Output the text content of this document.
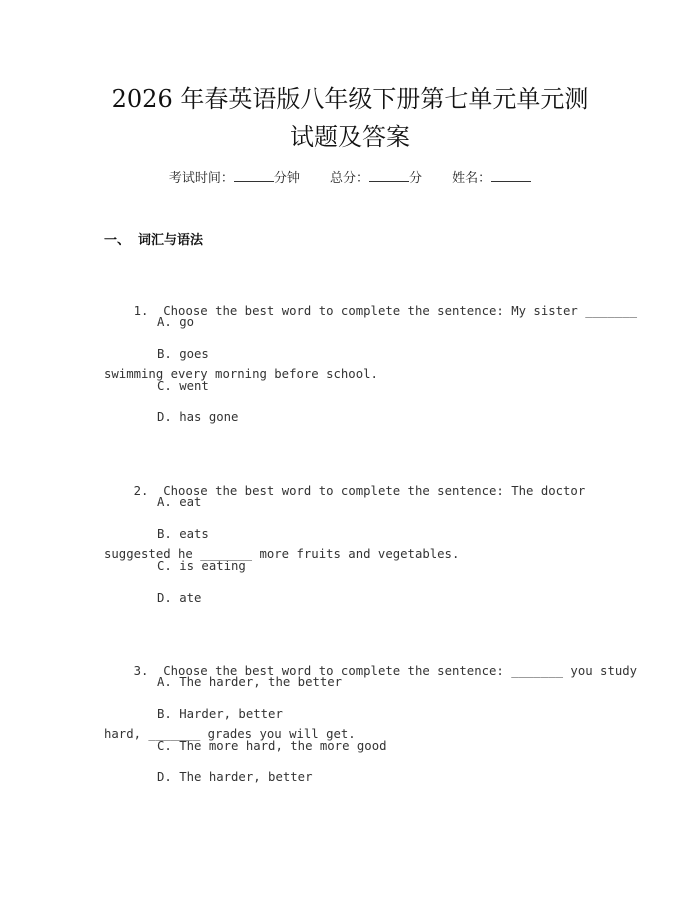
2026 年春英语版八年级下册第七单元单元测
试题及答案
考试时间：	分钟 总分：	分 姓名：
一、 词汇与语法

1. Choose the best word to complete the sentence: My sister _______

swimming every morning before school.

A. go
B. goes
C. went
D. has gone

2. Choose the best word to complete the sentence: The doctor

suggested he _______ more fruits and vegetables.

A. eat
B. eats
C. is eating
D. ate

3. Choose the best word to complete the sentence: _______ you study

hard, _______ grades you will get.

A. The harder, the better
B. Harder, better
C. The more hard, the more good
D. The harder, better
